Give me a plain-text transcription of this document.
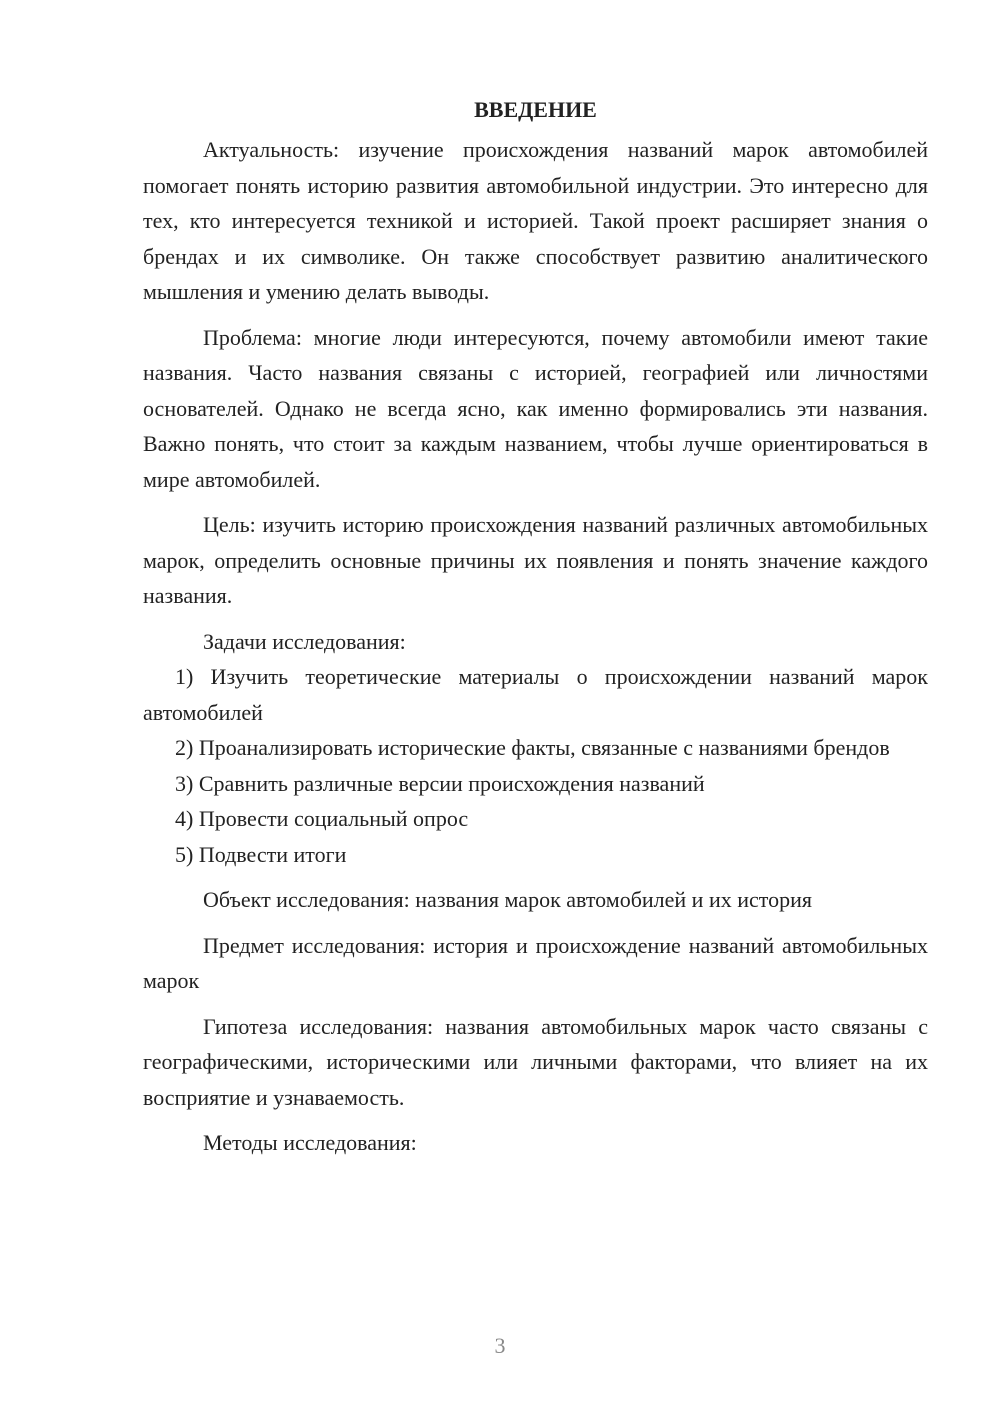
ВВЕДЕНИЕ

Актуальность: изучение происхождения названий марок автомобилей помогает понять историю развития автомобильной индустрии. Это интересно для тех, кто интересуется техникой и историей. Такой проект расширяет знания о брендах и их символике. Он также способствует развитию аналитического мышления и умению делать выводы.

Проблема: многие люди интересуются, почему автомобили имеют такие названия. Часто названия связаны с историей, географией или личностями основателей. Однако не всегда ясно, как именно формировались эти названия. Важно понять, что стоит за каждым названием, чтобы лучше ориентироваться в мире автомобилей.

Цель: изучить историю происхождения названий различных автомобильных марок, определить основные причины их появления и понять значение каждого названия.

Задачи исследования:

1) Изучить теоретические материалы о происхождении названий марок автомобилей

2) Проанализировать исторические факты, связанные с названиями брендов

3) Сравнить различные версии происхождения названий

4) Провести социальный опрос

5) Подвести итоги

Объект исследования: названия марок автомобилей и их история

Предмет исследования: история и происхождение названий автомобильных марок

Гипотеза исследования: названия автомобильных марок часто связаны с географическими, историческими или личными факторами, что влияет на их восприятие и узнаваемость.

Методы исследования:

3
